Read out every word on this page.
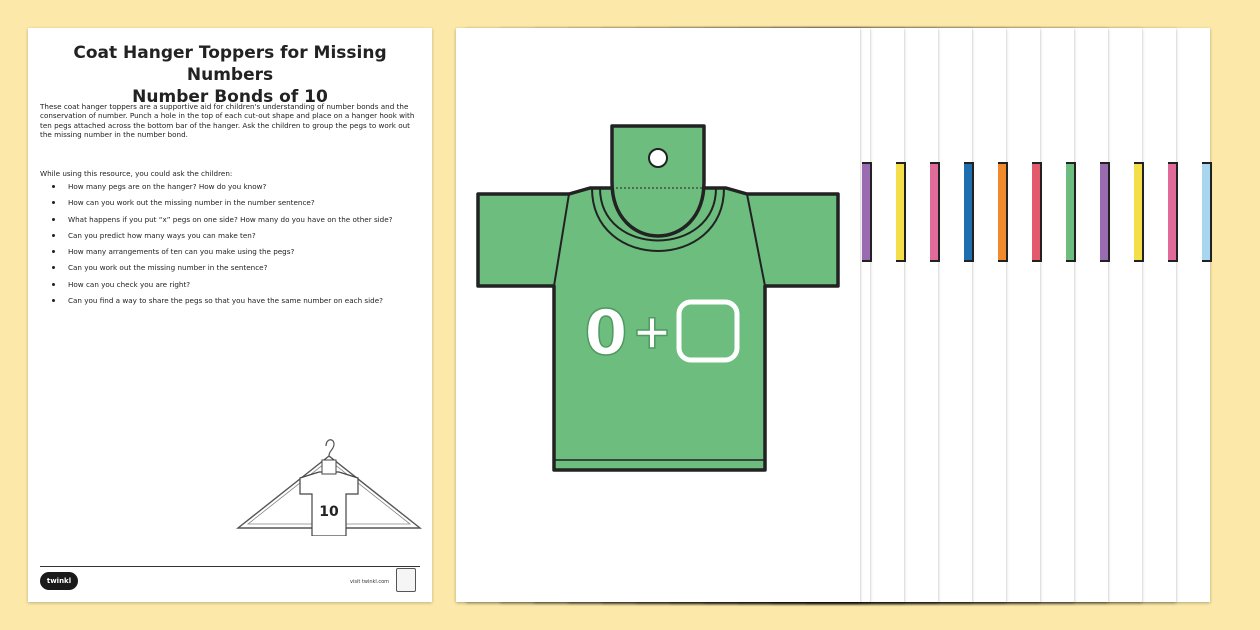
Coat Hanger Toppers for Missing Numbers
Number Bonds of 10
These coat hanger toppers are a supportive aid for children's understanding of number bonds and the conservation of number. Punch a hole in the top of each cut-out shape and place on a hanger hook with ten pegs attached across the bottom bar of the hanger. Ask the children to group the pegs to work out the missing number in the number bond.
While using this resource, you could ask the children:
How many pegs are on the hanger? How do you know?
How can you work out the missing number in the number sentence?
What happens if you put “x” pegs on one side? How many do you have on the other side?
Can you predict how many ways you can make ten?
How many arrangements of ten can you make using the pegs?
Can you work out the missing number in the sentence?
How can you check you are right?
Can you find a way to share the pegs so that you have the same number on each side?
10
twinkl	visit twinkl.com
0 +
